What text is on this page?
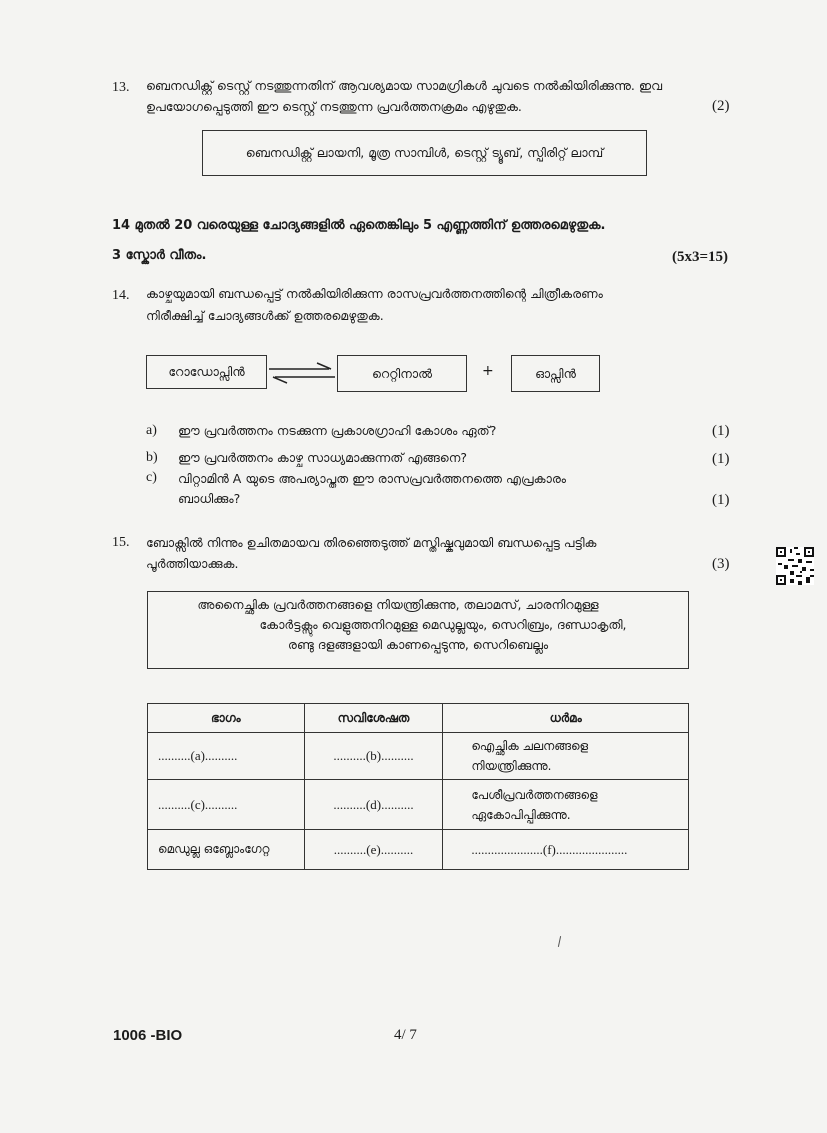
13. ബെനഡിക്റ്റ് ടെസ്റ്റ് നടത്തുന്നതിന് ആവശ്യമായ സാമഗ്രികൾ ചുവടെ നൽകിയിരിക്കുന്നു. ഇവ
ഉപയോഗപ്പെടുത്തി ഈ ടെസ്റ്റ് നടത്തുന്ന പ്രവർത്തനക്രമം എഴുതുക.	(2)
ബെനഡിക്റ്റ് ലായനി, മൂത്ര സാമ്പിൾ, ടെസ്റ്റ് ട്യൂബ്, സ്പിരിറ്റ് ലാമ്പ്
14 മുതൽ 20 വരെയുള്ള ചോദ്യങ്ങളിൽ ഏതെങ്കിലും 5 എണ്ണത്തിന് ഉത്തരമെഴുതുക.
3 സ്കോർ വീതം.	(5x3=15)
14. കാഴ്ചയുമായി ബന്ധപ്പെട്ട് നൽകിയിരിക്കുന്ന രാസപ്രവർത്തനത്തിന്റെ ചിത്രീകരണം
നിരീക്ഷിച്ച് ചോദ്യങ്ങൾക്ക് ഉത്തരമെഴുതുക.
റോഡോപ്സിൻ	റെറ്റിനാൽ	+	ഓപ്സിൻ
a) ഈ പ്രവർത്തനം നടക്കുന്ന പ്രകാശഗ്രാഹി കോശം ഏത്?	(1)
b) ഈ പ്രവർത്തനം കാഴ്ച സാധ്യമാക്കുന്നത് എങ്ങനെ?	(1)
c) വിറ്റാമിൻ A യുടെ അപര്യാപ്തത ഈ രാസപ്രവർത്തനത്തെ എപ്രകാരം
ബാധിക്കും?	(1)
15. ബോക്സിൽ നിന്നും ഉചിതമായവ തിരഞ്ഞെടുത്ത് മസ്തിഷ്കവുമായി ബന്ധപ്പെട്ട പട്ടിക
പൂർത്തിയാക്കുക.	(3)
അനൈച്ഛിക പ്രവർത്തനങ്ങളെ നിയന്ത്രിക്കുന്നു, തലാമസ്, ചാരനിറമുള്ള
കോർട്ടക്സും വെളുത്തനിറമുള്ള മെഡുല്ലയും, സെറിബ്രം, ദണ്ഡാകൃതി,
രണ്ടു ദളങ്ങളായി കാണപ്പെടുന്നു, സെറിബെല്ലം
ഭാഗം	സവിശേഷത	ധർമം
..........(a)..........	..........(b)..........	ഐച്ഛിക ചലനങ്ങളെ
നിയന്ത്രിക്കുന്നു.
..........(c)..........	..........(d)..........	പേശീപ്രവർത്തനങ്ങളെ
ഏകോപിപ്പിക്കുന്നു.
മെഡുല്ല ഒബ്ലോംഗേറ്റ	..........(e)..........	......................(f)......................
1006 -BIO	4/ 7
